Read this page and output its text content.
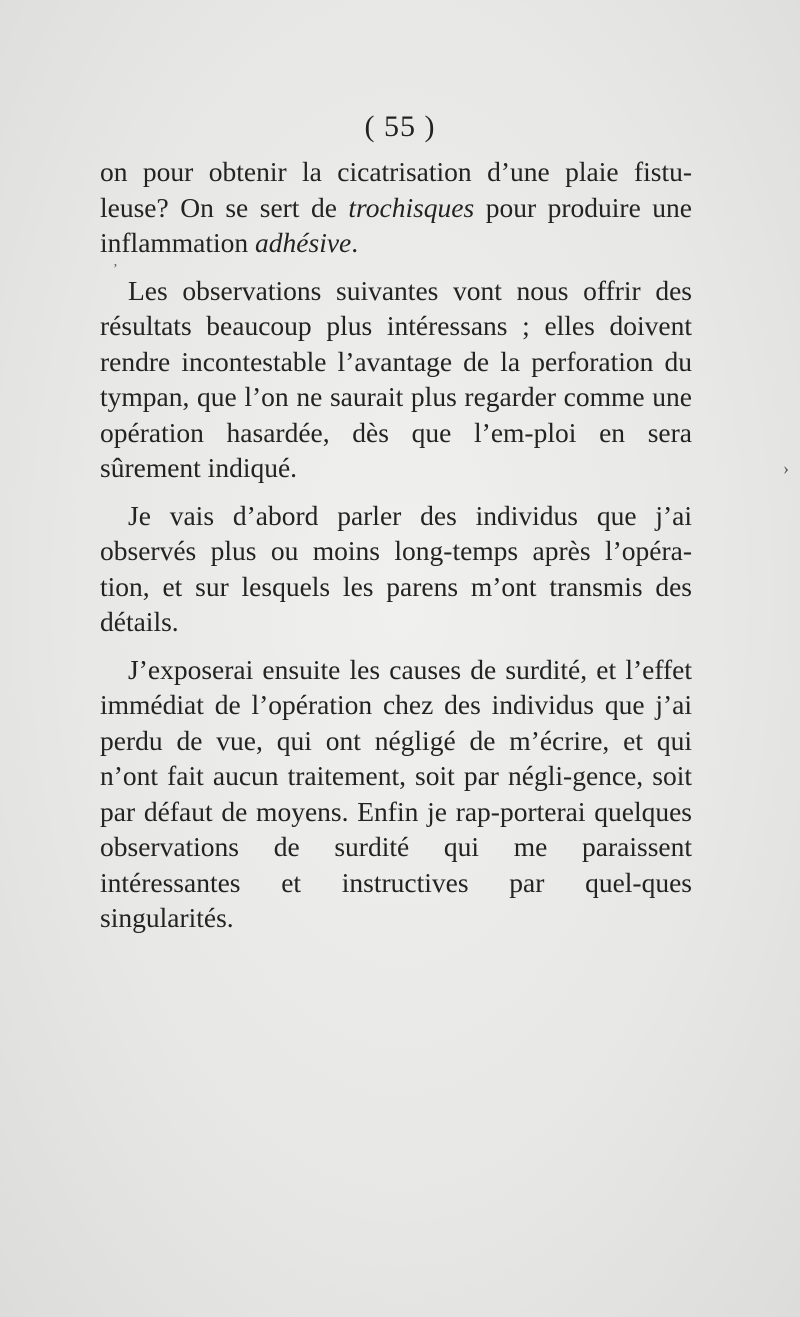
( 55 )

on pour obtenir la cicatrisation d’une plaie fistu-leuse? On se sert de trochisques pour produire une inflammation adhésive.

Les observations suivantes vont nous offrir des résultats beaucoup plus intéressans ; elles doivent rendre incontestable l’avantage de la perforation du tympan, que l’on ne saurait plus regarder comme une opération hasardée, dès que l’em-ploi en sera sûrement indiqué.

Je vais d’abord parler des individus que j’ai observés plus ou moins long-temps après l’opéra-tion, et sur lesquels les parens m’ont transmis des détails.

J’exposerai ensuite les causes de surdité, et l’effet immédiat de l’opération chez des individus que j’ai perdu de vue, qui ont négligé de m’écrire, et qui n’ont fait aucun traitement, soit par négli-gence, soit par défaut de moyens. Enfin je rap-porterai quelques observations de surdité qui me paraissent intéressantes et instructives par quel-ques singularités.

’
›
